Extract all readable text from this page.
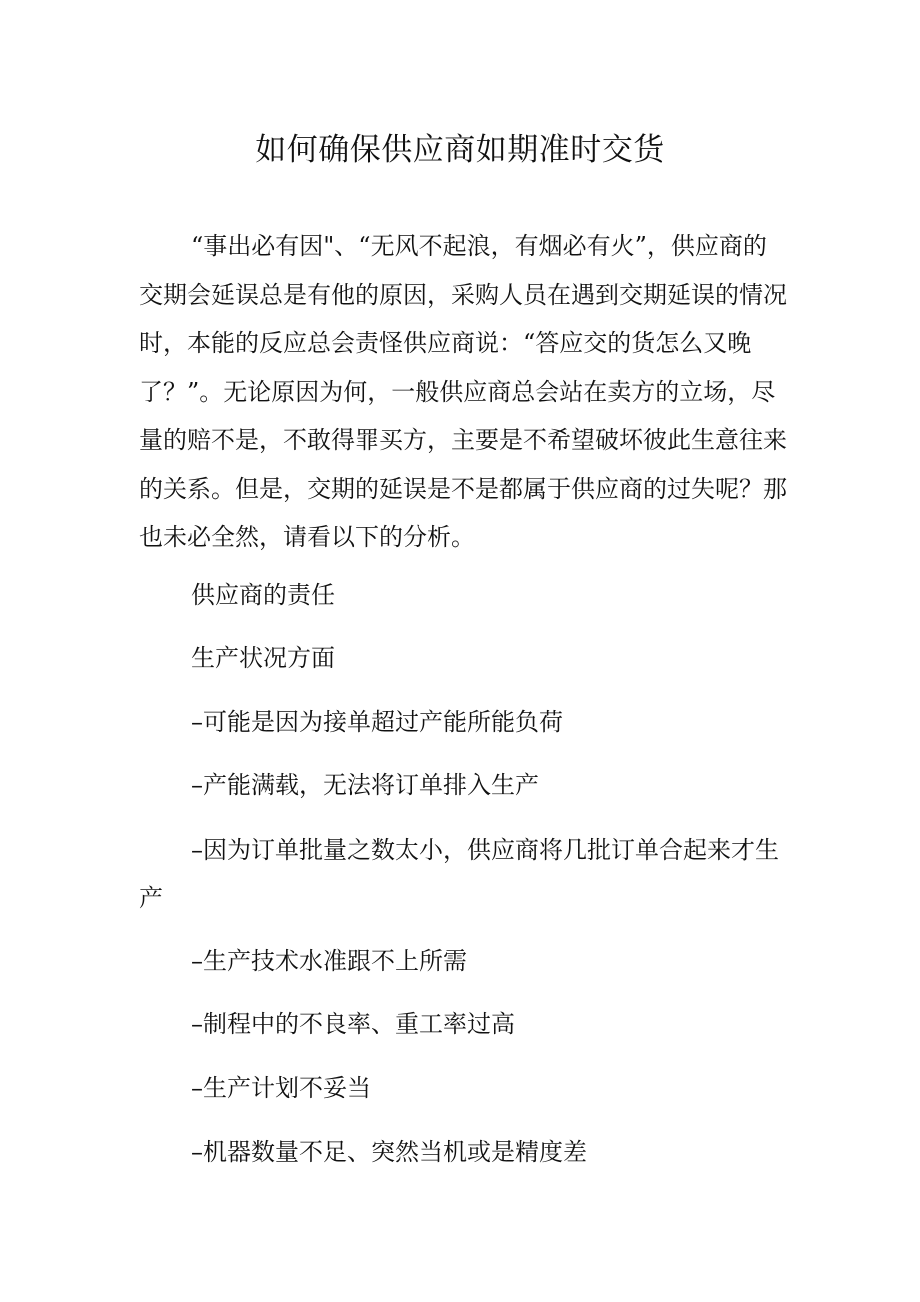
如何确保供应商如期准时交货

“事出必有因"、“无风不起浪，有烟必有火”，供应商的交期会延误总是有他的原因，采购人员在遇到交期延误的情况时，本能的反应总会责怪供应商说：“答应交的货怎么又晚了？”。无论原因为何，一般供应商总会站在卖方的立场，尽量的赔不是，不敢得罪买方，主要是不希望破坏彼此生意往来的关系。但是，交期的延误是不是都属于供应商的过失呢？那也未必全然，请看以下的分析。

供应商的责任

生产状况方面

–可能是因为接单超过产能所能负荷

–产能满载，无法将订单排入生产

–因为订单批量之数太小，供应商将几批订单合起来才生产

–生产技术水准跟不上所需

–制程中的不良率、重工率过高

–生产计划不妥当

–机器数量不足、突然当机或是精度差
